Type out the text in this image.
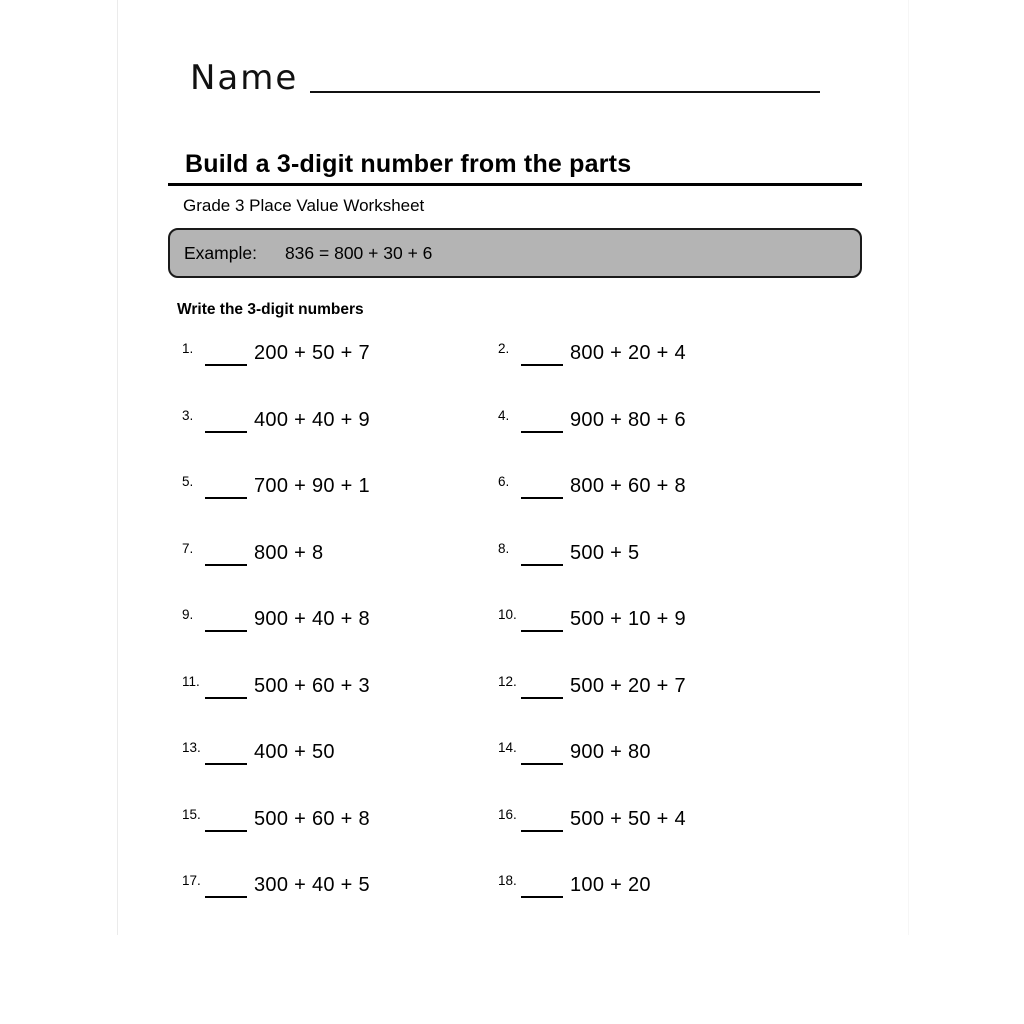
Name
Build a 3-digit number from the parts
Grade 3 Place Value Worksheet
Example: 836 = 800 + 30 + 6
Write the 3-digit numbers
1.	200 + 50 + 7	2.	800 + 20 + 4
3.	400 + 40 + 9	4.	900 + 80 + 6
5.	700 + 90 + 1	6.	800 + 60 + 8
7.	800 + 8	8.	500 + 5
9.	900 + 40 + 8	10.	500 + 10 + 9
11.	500 + 60 + 3	12.	500 + 20 + 7
13.	400 + 50	14.	900 + 80
15.	500 + 60 + 8	16.	500 + 50 + 4
17.	300 + 40 + 5	18.	100 + 20
